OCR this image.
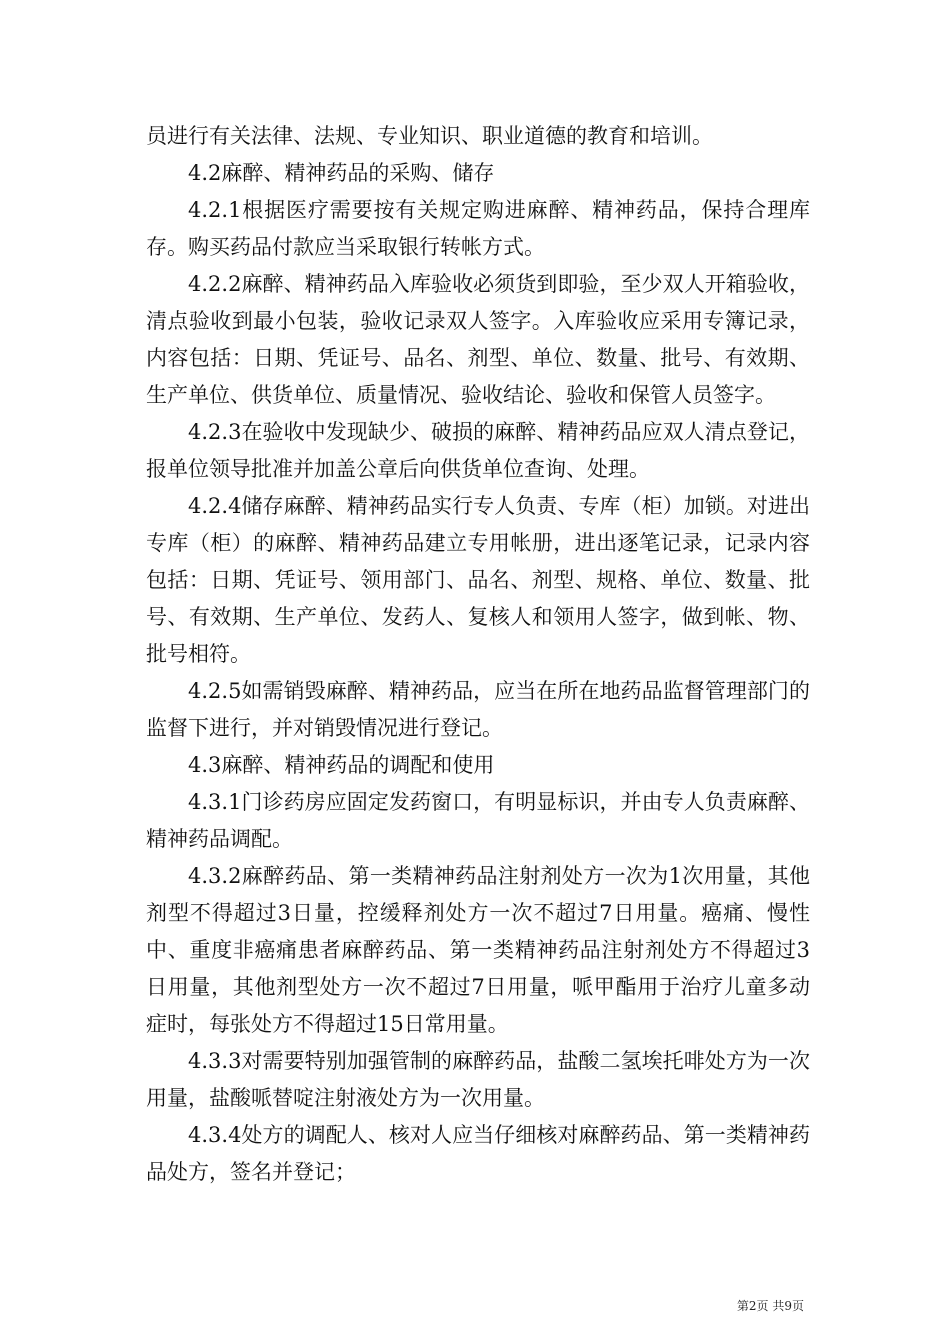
员进行有关法律、法规、专业知识、职业道德的教育和培训。

4.2麻醉、精神药品的采购、储存

4.2.1根据医疗需要按有关规定购进麻醉、精神药品，保持合理库存。购买药品付款应当采取银行转帐方式。

4.2.2麻醉、精神药品入库验收必须货到即验，至少双人开箱验收，清点验收到最小包装，验收记录双人签字。入库验收应采用专簿记录，内容包括：日期、凭证号、品名、剂型、单位、数量、批号、有效期、生产单位、供货单位、质量情况、验收结论、验收和保管人员签字。

4.2.3在验收中发现缺少、破损的麻醉、精神药品应双人清点登记，报单位领导批准并加盖公章后向供货单位查询、处理。

4.2.4储存麻醉、精神药品实行专人负责、专库（柜）加锁。对进出专库（柜）的麻醉、精神药品建立专用帐册，进出逐笔记录，记录内容包括：日期、凭证号、领用部门、品名、剂型、规格、单位、数量、批号、有效期、生产单位、发药人、复核人和领用人签字，做到帐、物、批号相符。

4.2.5如需销毁麻醉、精神药品，应当在所在地药品监督管理部门的监督下进行，并对销毁情况进行登记。

4.3麻醉、精神药品的调配和使用

4.3.1门诊药房应固定发药窗口，有明显标识，并由专人负责麻醉、精神药品调配。

4.3.2麻醉药品、第一类精神药品注射剂处方一次为1次用量，其他剂型不得超过3日量，控缓释剂处方一次不超过7日用量。癌痛、慢性中、重度非癌痛患者麻醉药品、第一类精神药品注射剂处方不得超过3日用量，其他剂型处方一次不超过7日用量，哌甲酯用于治疗儿童多动症时，每张处方不得超过15日常用量。

4.3.3对需要特别加强管制的麻醉药品，盐酸二氢埃托啡处方为一次用量，盐酸哌替啶注射液处方为一次用量。

4.3.4处方的调配人、核对人应当仔细核对麻醉药品、第一类精神药品处方，签名并登记；

第2页 共9页
